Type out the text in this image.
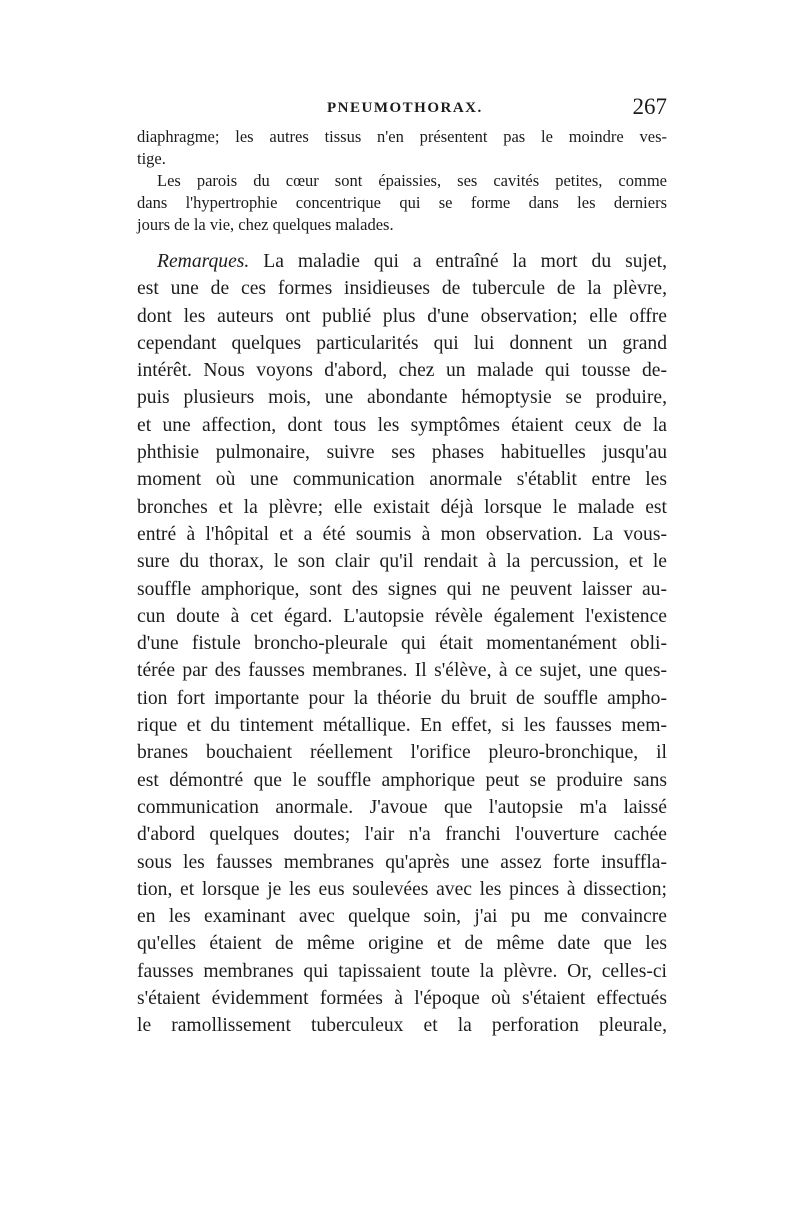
PNEUMOTHORAX.	267
diaphragme; les autres tissus n'en présentent pas le moindre ves-
tige.
Les parois du cœur sont épaissies, ses cavités petites, comme
dans l'hypertrophie concentrique qui se forme dans les derniers
jours de la vie, chez quelques malades.
Remarques. La maladie qui a entraîné la mort du sujet,
est une de ces formes insidieuses de tubercule de la plèvre,
dont les auteurs ont publié plus d'une observation; elle offre
cependant quelques particularités qui lui donnent un grand
intérêt. Nous voyons d'abord, chez un malade qui tousse de-
puis plusieurs mois, une abondante hémoptysie se produire,
et une affection, dont tous les symptômes étaient ceux de la
phthisie pulmonaire, suivre ses phases habituelles jusqu'au
moment où une communication anormale s'établit entre les
bronches et la plèvre; elle existait déjà lorsque le malade est
entré à l'hôpital et a été soumis à mon observation. La vous-
sure du thorax, le son clair qu'il rendait à la percussion, et le
souffle amphorique, sont des signes qui ne peuvent laisser au-
cun doute à cet égard. L'autopsie révèle également l'existence
d'une fistule broncho-pleurale qui était momentanément obli-
térée par des fausses membranes. Il s'élève, à ce sujet, une ques-
tion fort importante pour la théorie du bruit de souffle ampho-
rique et du tintement métallique. En effet, si les fausses mem-
branes bouchaient réellement l'orifice pleuro-bronchique, il
est démontré que le souffle amphorique peut se produire sans
communication anormale. J'avoue que l'autopsie m'a laissé
d'abord quelques doutes; l'air n'a franchi l'ouverture cachée
sous les fausses membranes qu'après une assez forte insuffla-
tion, et lorsque je les eus soulevées avec les pinces à dissection;
en les examinant avec quelque soin, j'ai pu me convaincre
qu'elles étaient de même origine et de même date que les
fausses membranes qui tapissaient toute la plèvre. Or, celles-ci
s'étaient évidemment formées à l'époque où s'étaient effectués
le ramollissement tuberculeux et la perforation pleurale,
